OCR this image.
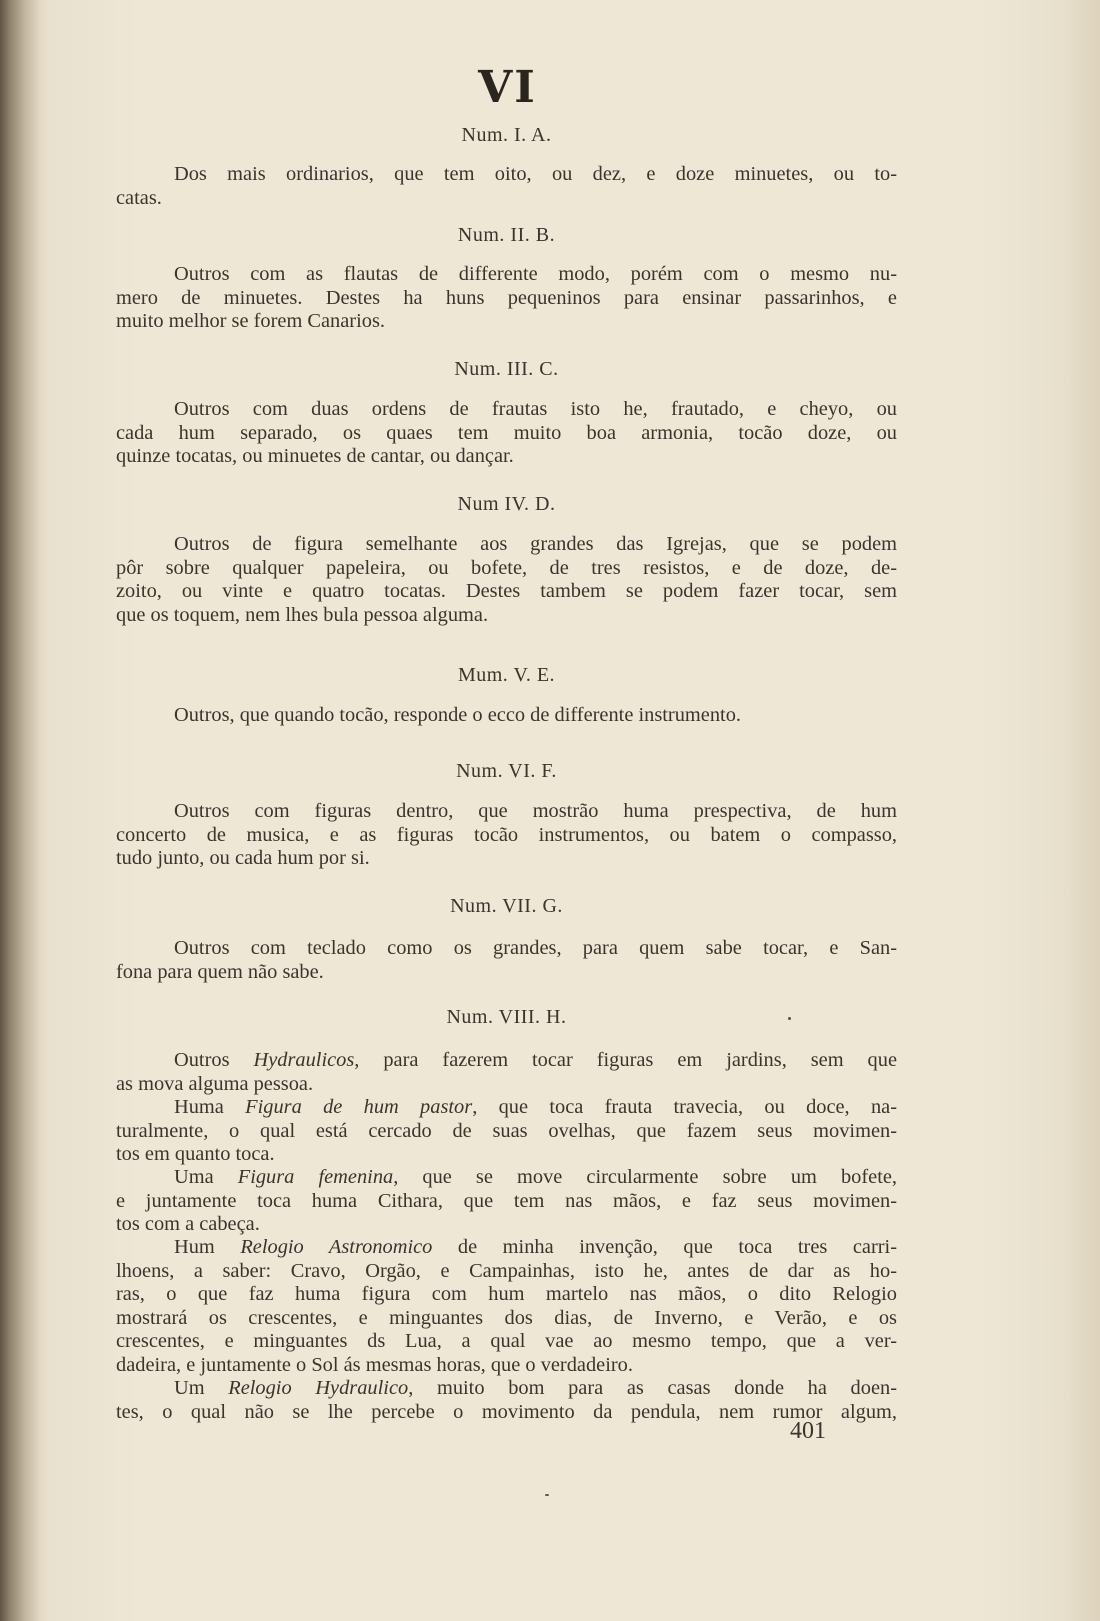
VI
Num. I. A.
Dos mais ordinarios, que tem oito, ou dez, e doze minuetes, ou to-
catas.
Num. II. B.
Outros com as flautas de differente modo, porém com o mesmo nu-
mero de minuetes. Destes ha huns pequeninos para ensinar passarinhos, e
muito melhor se forem Canarios.
Num. III. C.
Outros com duas ordens de frautas isto he, frautado, e cheyo, ou
cada hum separado, os quaes tem muito boa armonia, tocão doze, ou
quinze tocatas, ou minuetes de cantar, ou dançar.
Num IV. D.
Outros de figura semelhante aos grandes das Igrejas, que se podem
pôr sobre qualquer papeleira, ou bofete, de tres resistos, e de doze, de-
zoito, ou vinte e quatro tocatas. Destes tambem se podem fazer tocar, sem
que os toquem, nem lhes bula pessoa alguma.
Mum. V. E.
Outros, que quando tocão, responde o ecco de differente instrumento.
Num. VI. F.
Outros com figuras dentro, que mostrão huma prespectiva, de hum
concerto de musica, e as figuras tocão instrumentos, ou batem o compasso,
tudo junto, ou cada hum por si.
Num. VII. G.
Outros com teclado como os grandes, para quem sabe tocar, e San-
fona para quem não sabe.
Num. VIII. H.
Outros Hydraulicos, para fazerem tocar figuras em jardins, sem que
as mova alguma pessoa.
Huma Figura de hum pastor, que toca frauta travecia, ou doce, na-
turalmente, o qual está cercado de suas ovelhas, que fazem seus movimen-
tos em quanto toca.
Uma Figura femenina, que se move circularmente sobre um bofete,
e juntamente toca huma Cithara, que tem nas mãos, e faz seus movimen-
tos com a cabeça.
Hum Relogio Astronomico de minha invenção, que toca tres carri-
lhoens, a saber: Cravo, Orgão, e Campainhas, isto he, antes de dar as ho-
ras, o que faz huma figura com hum martelo nas mãos, o dito Relogio
mostrará os crescentes, e minguantes dos dias, de Inverno, e Verão, e os
crescentes, e minguantes ds Lua, a qual vae ao mesmo tempo, que a ver-
dadeira, e juntamente o Sol ás mesmas horas, que o verdadeiro.
Um Relogio Hydraulico, muito bom para as casas donde ha doen-
tes, o qual não se lhe percebe o movimento da pendula, nem rumor algum,
401
